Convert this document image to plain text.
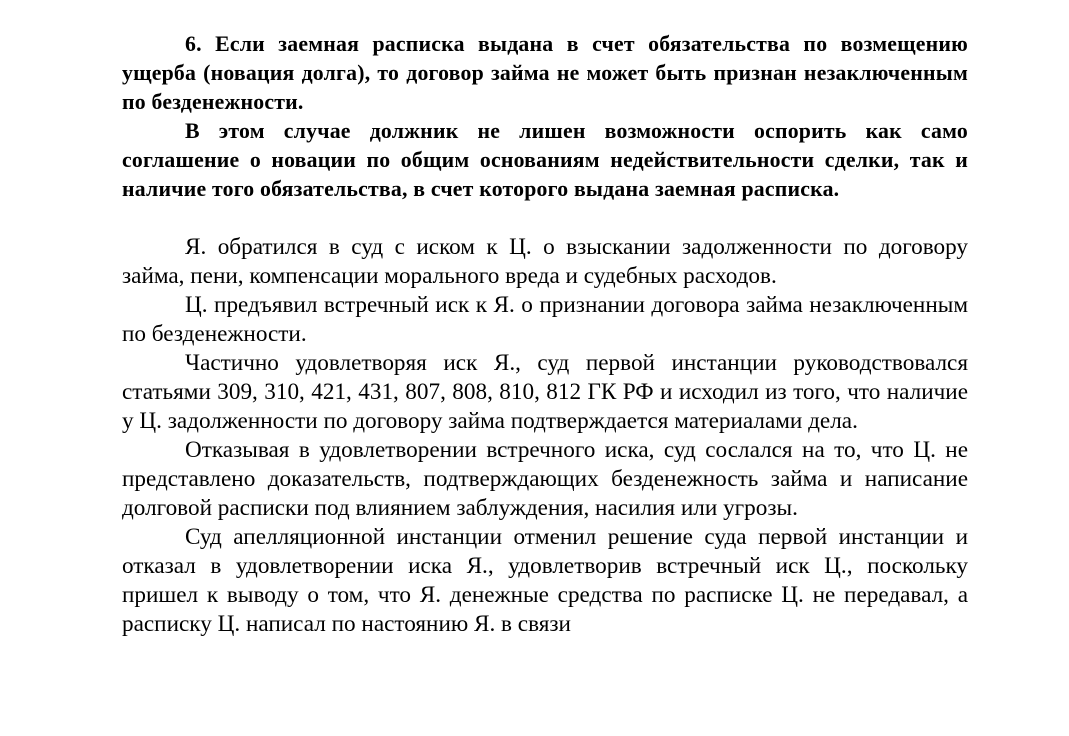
6. Если заемная расписка выдана в счет обязательства по возмещению ущерба (новация долга), то договор займа не может быть признан незаключенным по безденежности.

В этом случае должник не лишен возможности оспорить как само соглашение о новации по общим основаниям недействительности сделки, так и наличие того обязательства, в счет которого выдана заемная расписка.

Я. обратился в суд с иском к Ц. о взыскании задолженности по договору займа, пени, компенсации морального вреда и судебных расходов.

Ц. предъявил встречный иск к Я. о признании договора займа незаключенным по безденежности.

Частично удовлетворяя иск Я., суд первой инстанции руководствовался статьями 309, 310, 421, 431, 807, 808, 810, 812 ГК РФ и исходил из того, что наличие у Ц. задолженности по договору займа подтверждается материалами дела.

Отказывая в удовлетворении встречного иска, суд сослался на то, что Ц. не представлено доказательств, подтверждающих безденежность займа и написание долговой расписки под влиянием заблуждения, насилия или угрозы.

Суд апелляционной инстанции отменил решение суда первой инстанции и отказал в удовлетворении иска Я., удовлетворив встречный иск Ц., поскольку пришел к выводу о том, что Я. денежные средства по расписке Ц. не передавал, а расписку Ц. написал по настоянию Я. в связи
